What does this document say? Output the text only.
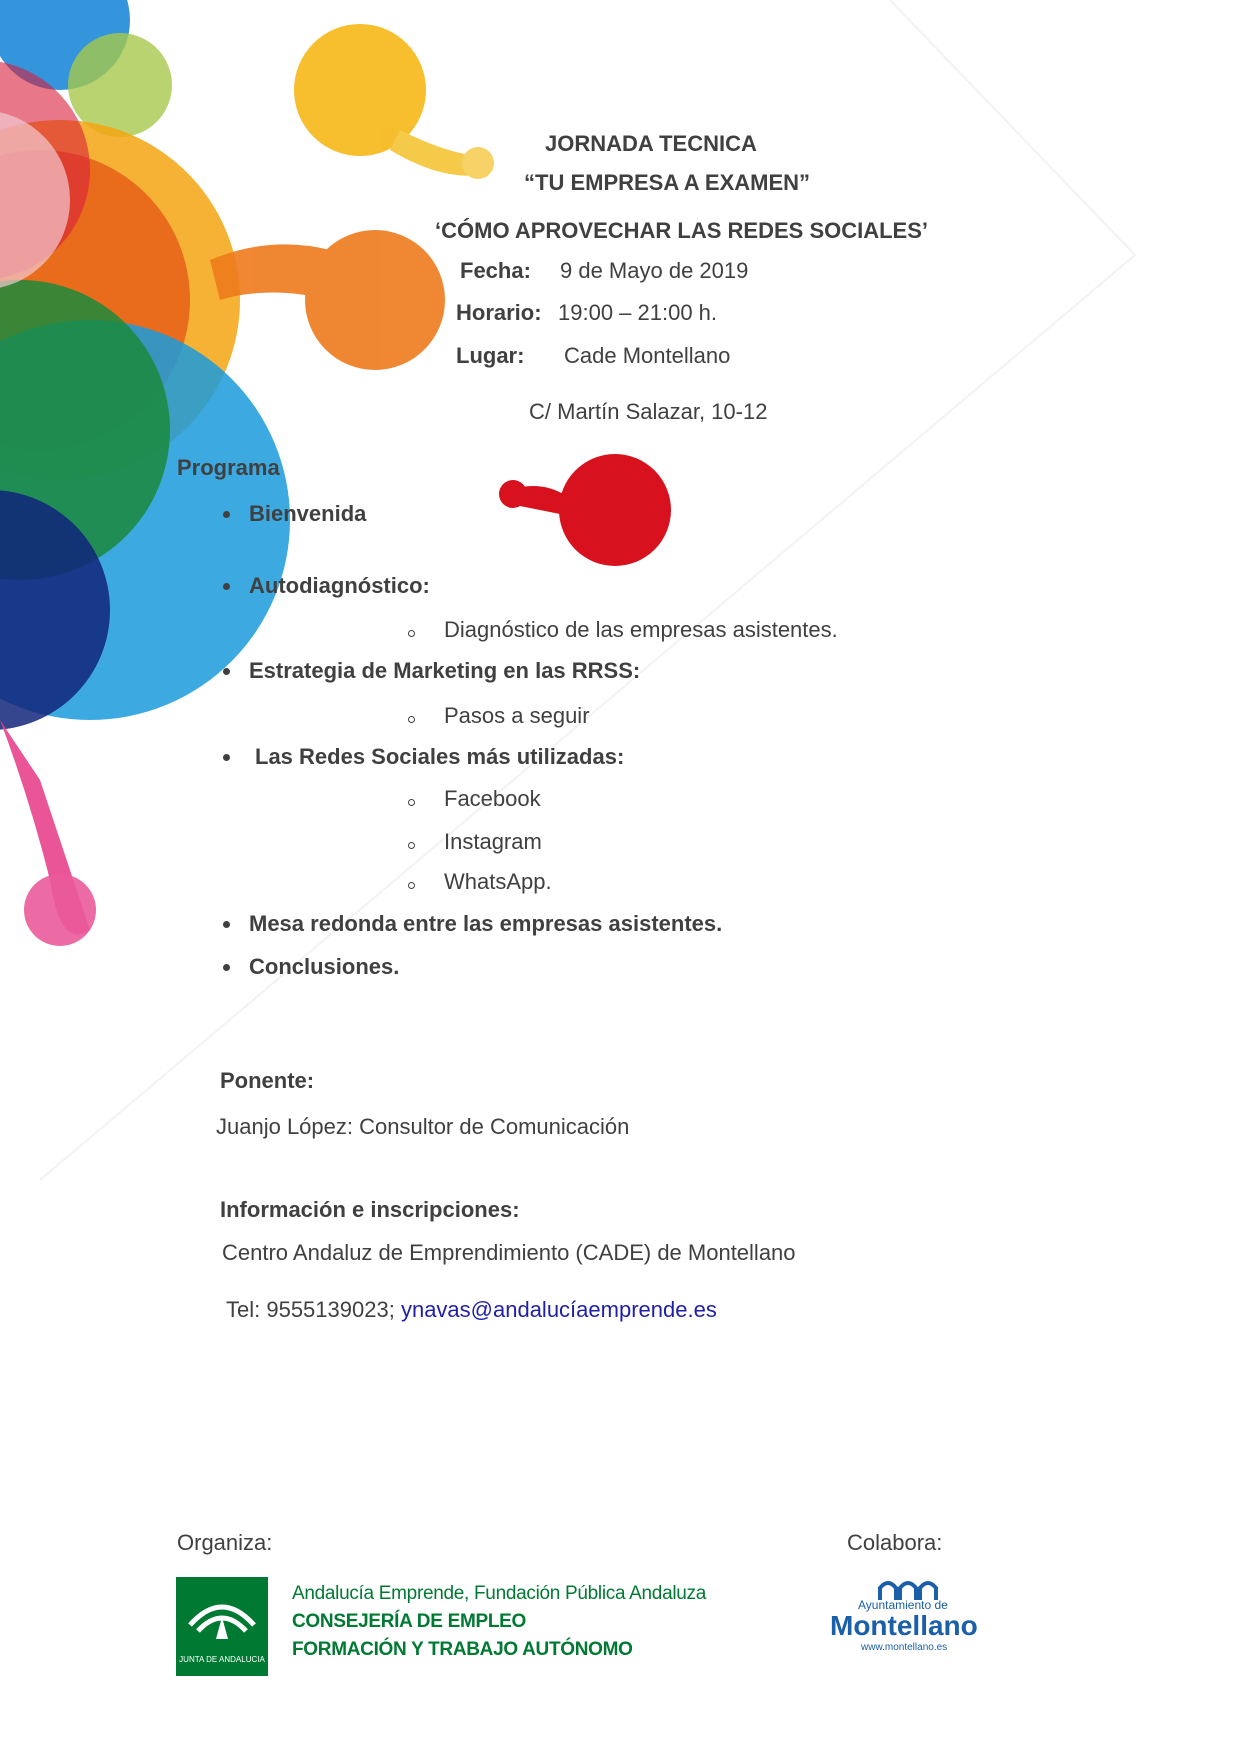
JORNADA TECNICA
“TU EMPRESA A EXAMEN”
‘CÓMO APROVECHAR LAS REDES SOCIALES’
Fecha: 9 de Mayo de 2019
Horario: 19:00 – 21:00 h.
Lugar: Cade Montellano
C/ Martín Salazar, 10-12
Programa
Bienvenida
Autodiagnóstico:
Diagnóstico de las empresas asistentes.
Estrategia de Marketing en las RRSS:
Pasos a seguir
Las Redes Sociales más utilizadas:
Facebook
Instagram
WhatsApp.
Mesa redonda entre las empresas asistentes.
Conclusiones.
Ponente:
Juanjo López: Consultor de Comunicación
Información e inscripciones:
Centro Andaluz de Emprendimiento (CADE) de Montellano
Tel: 9555139023; ynavas@andalucíaemprende.es
Organiza:	Colabora:
JUNTA DE ANDALUCIA
Andalucía Emprende, Fundación Pública Andaluza
CONSEJERÍA DE EMPLEO
FORMACIÓN Y TRABAJO AUTÓNOMO
Ayuntamiento de
Montellano
www.montellano.es
